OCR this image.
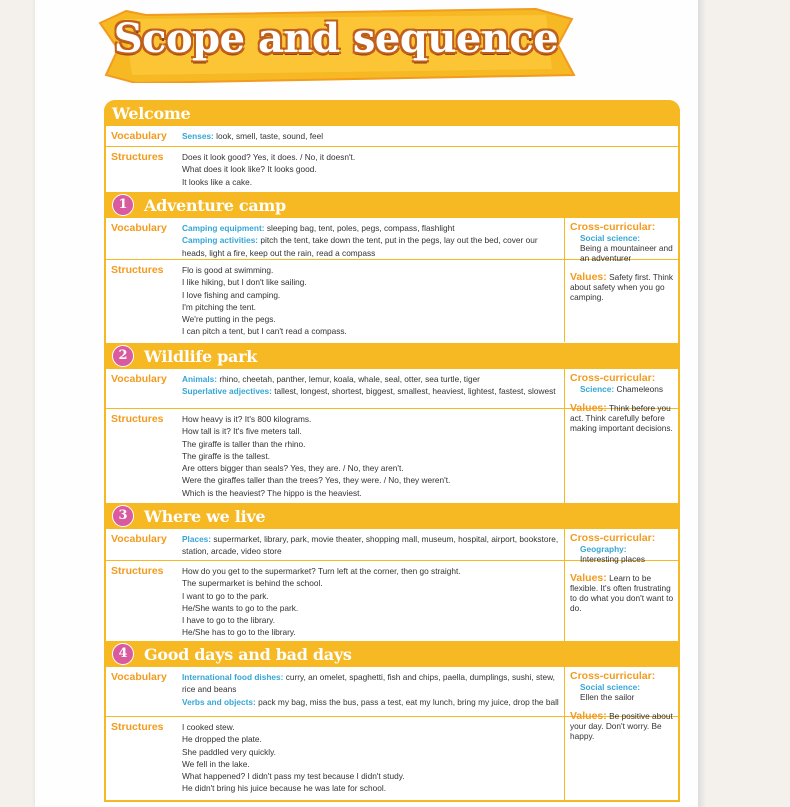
Scope and sequence
Welcome
Vocabulary Senses: look, smell, taste, sound, feel
Structures Does it look good? Yes, it does. / No, it doesn't.
What does it look like? It looks good.
It looks like a cake.
1	Adventure camp
Vocabulary Camping equipment: sleeping bag, tent, poles, pegs, compass, flashlight
Camping activities: pitch the tent, take down the tent, put in the pegs, lay out the bed, cover our heads, light a fire, keep out the rain, read a compass
Structures Flo is good at swimming.
I like hiking, but I don't like sailing.
I love fishing and camping.
I'm pitching the tent.
We're putting in the pegs.
I can pitch a tent, but I can't read a compass.
Cross-curricular:
Social science:
Being a mountaineer and an adventurer
Values: Safety first. Think about safety when you go camping.
2	Wildlife park
Vocabulary Animals: rhino, cheetah, panther, lemur, koala, whale, seal, otter, sea turtle, tiger
Superlative adjectives: tallest, longest, shortest, biggest, smallest, heaviest, lightest, fastest, slowest
Structures How heavy is it? It's 800 kilograms.
How tall is it? It's five meters tall.
The giraffe is taller than the rhino.
The giraffe is the tallest.
Are otters bigger than seals? Yes, they are. / No, they aren't.
Were the giraffes taller than the trees? Yes, they were. / No, they weren't.
Which is the heaviest? The hippo is the heaviest.
Cross-curricular:
Science: Chameleons
Values: Think before you act. Think carefully before making important decisions.
3	Where we live
Vocabulary Places: supermarket, library, park, movie theater, shopping mall, museum, hospital, airport, bookstore, station, arcade, video store
Structures How do you get to the supermarket? Turn left at the corner, then go straight.
The supermarket is behind the school.
I want to go to the park.
He/She wants to go to the park.
I have to go to the library.
He/She has to go to the library.
Cross-curricular:
Geography:
Interesting places
Values: Learn to be flexible. It's often frustrating to do what you don't want to do.
4	Good days and bad days
Vocabulary International food dishes: curry, an omelet, spaghetti, fish and chips, paella, dumplings, sushi, stew, rice and beans
Verbs and objects: pack my bag, miss the bus, pass a test, eat my lunch, bring my juice, drop the ball
Structures I cooked stew.
He dropped the plate.
She paddled very quickly.
We fell in the lake.
What happened? I didn't pass my test because I didn't study.
He didn't bring his juice because he was late for school.
Cross-curricular:
Social science:
Ellen the sailor
Values: Be positive about your day. Don't worry. Be happy.
